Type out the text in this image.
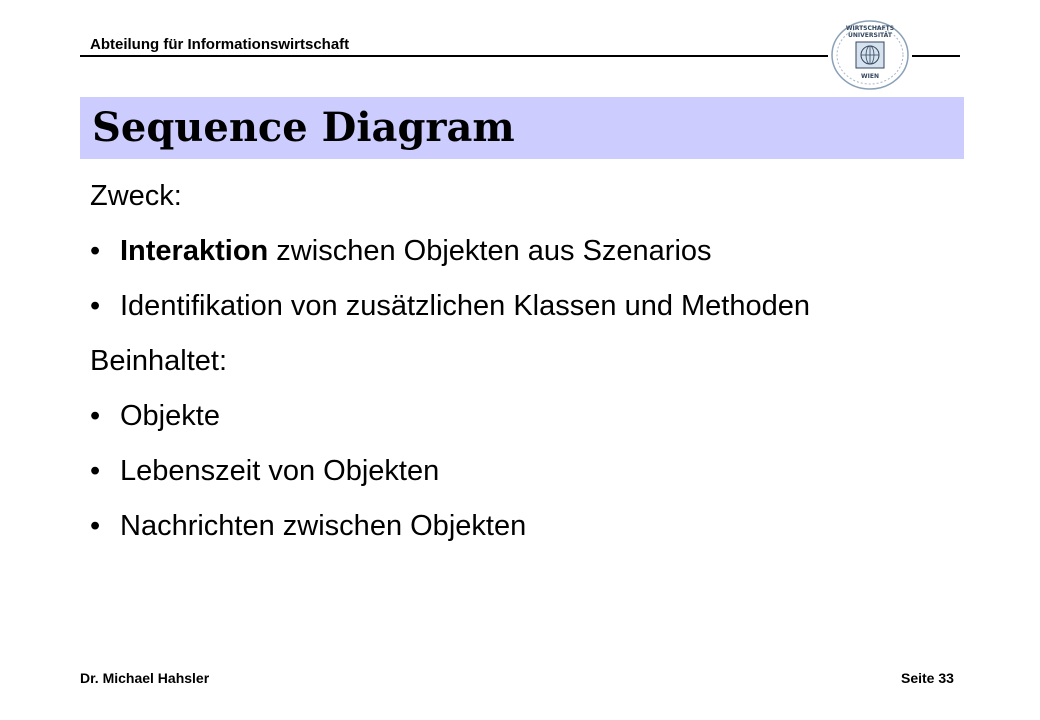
Abteilung für Informationswirtschaft
WIRTSCHAFTS
UNIVERSITÄT
WIEN
Sequence Diagram
Zweck:
• Interaktion zwischen Objekten aus Szenarios
• Identifikation von zusätzlichen Klassen und Methoden
Beinhaltet:
• Objekte
• Lebenszeit von Objekten
• Nachrichten zwischen Objekten
Dr. Michael Hahsler	Seite 33
